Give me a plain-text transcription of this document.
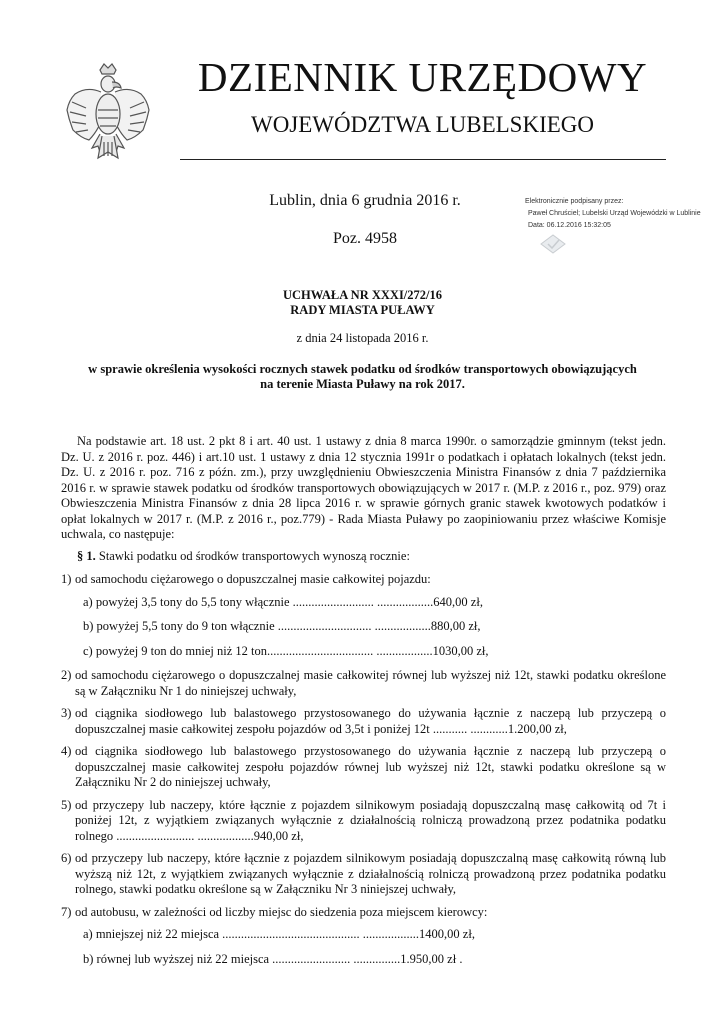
DZIENNIK URZĘDOWY
WOJEWÓDZTWA LUBELSKIEGO
Lublin, dnia 6 grudnia 2016 r.
Poz. 4958
Elektronicznie podpisany przez:
Paweł Chruściel; Lubelski Urząd Wojewódzki w Lublinie
Data: 06.12.2016 15:32:05
UCHWAŁA NR XXXI/272/16
RADY MIASTA PUŁAWY
z dnia 24 listopada 2016 r.
w sprawie określenia wysokości rocznych stawek podatku od środków transportowych obowiązujących
na terenie Miasta Puławy na rok 2017.

Na podstawie art. 18 ust. 2 pkt 8 i art. 40 ust. 1 ustawy z dnia 8 marca 1990r. o samorządzie gminnym (tekst jedn. Dz. U. z 2016 r. poz. 446) i art.10 ust. 1 ustawy z dnia 12 stycznia 1991r o podatkach i opłatach lokalnych (tekst jedn. Dz. U. z 2016 r. poz. 716 z późn. zm.), przy uwzględnieniu Obwieszczenia Ministra Finansów z dnia 7 października 2016 r. w sprawie stawek podatku od środków transportowych obowiązujących w 2017 r. (M.P. z 2016 r., poz. 979) oraz Obwieszczenia Ministra Finansów z dnia 28 lipca 2016 r. w sprawie górnych granic stawek kwotowych podatków i opłat lokalnych w 2017 r. (M.P. z 2016 r., poz.779) - Rada Miasta Puławy po zaopiniowaniu przez właściwe Komisje uchwala, co następuje:

§ 1. Stawki podatku od środków transportowych wynoszą rocznie:
1) od samochodu ciężarowego o dopuszczalnej masie całkowitej pojazdu:
a) powyżej 3,5 tony do 5,5 tony włącznie .......................... ..................640,00 zł,
b) powyżej 5,5 tony do 9 ton włącznie .............................. ..................880,00 zł,
c) powyżej 9 ton do mniej niż 12 ton.................................. ..................1030,00 zł,
2) od samochodu ciężarowego o dopuszczalnej masie całkowitej równej lub wyższej niż 12t, stawki podatku określone są w Załączniku Nr 1 do niniejszej uchwały,
3) od ciągnika siodłowego lub balastowego przystosowanego do używania łącznie z naczepą lub przyczepą o dopuszczalnej masie całkowitej zespołu pojazdów od 3,5t i poniżej 12t ........... ............1.200,00 zł,
4) od ciągnika siodłowego lub balastowego przystosowanego do używania łącznie z naczepą lub przyczepą o dopuszczalnej masie całkowitej zespołu pojazdów równej lub wyższej niż 12t, stawki podatku określone są w Załączniku Nr 2 do niniejszej uchwały,
5) od przyczepy lub naczepy, które łącznie z pojazdem silnikowym posiadają dopuszczalną masę całkowitą od 7t i poniżej 12t, z wyjątkiem związanych wyłącznie z działalnością rolniczą prowadzoną przez podatnika podatku rolnego ......................... ..................940,00 zł,
6) od przyczepy lub naczepy, które łącznie z pojazdem silnikowym posiadają dopuszczalną masę całkowitą równą lub wyższą niż 12t, z wyjątkiem związanych wyłącznie z działalnością rolniczą prowadzoną przez podatnika podatku rolnego, stawki podatku określone są w Załączniku Nr 3 niniejszej uchwały,
7) od autobusu, w zależności od liczby miejsc do siedzenia poza miejscem kierowcy:
a) mniejszej niż 22 miejsca ............................................ ..................1400,00 zł,
b) równej lub wyższej niż 22 miejsca ......................... ...............1.950,00 zł .
